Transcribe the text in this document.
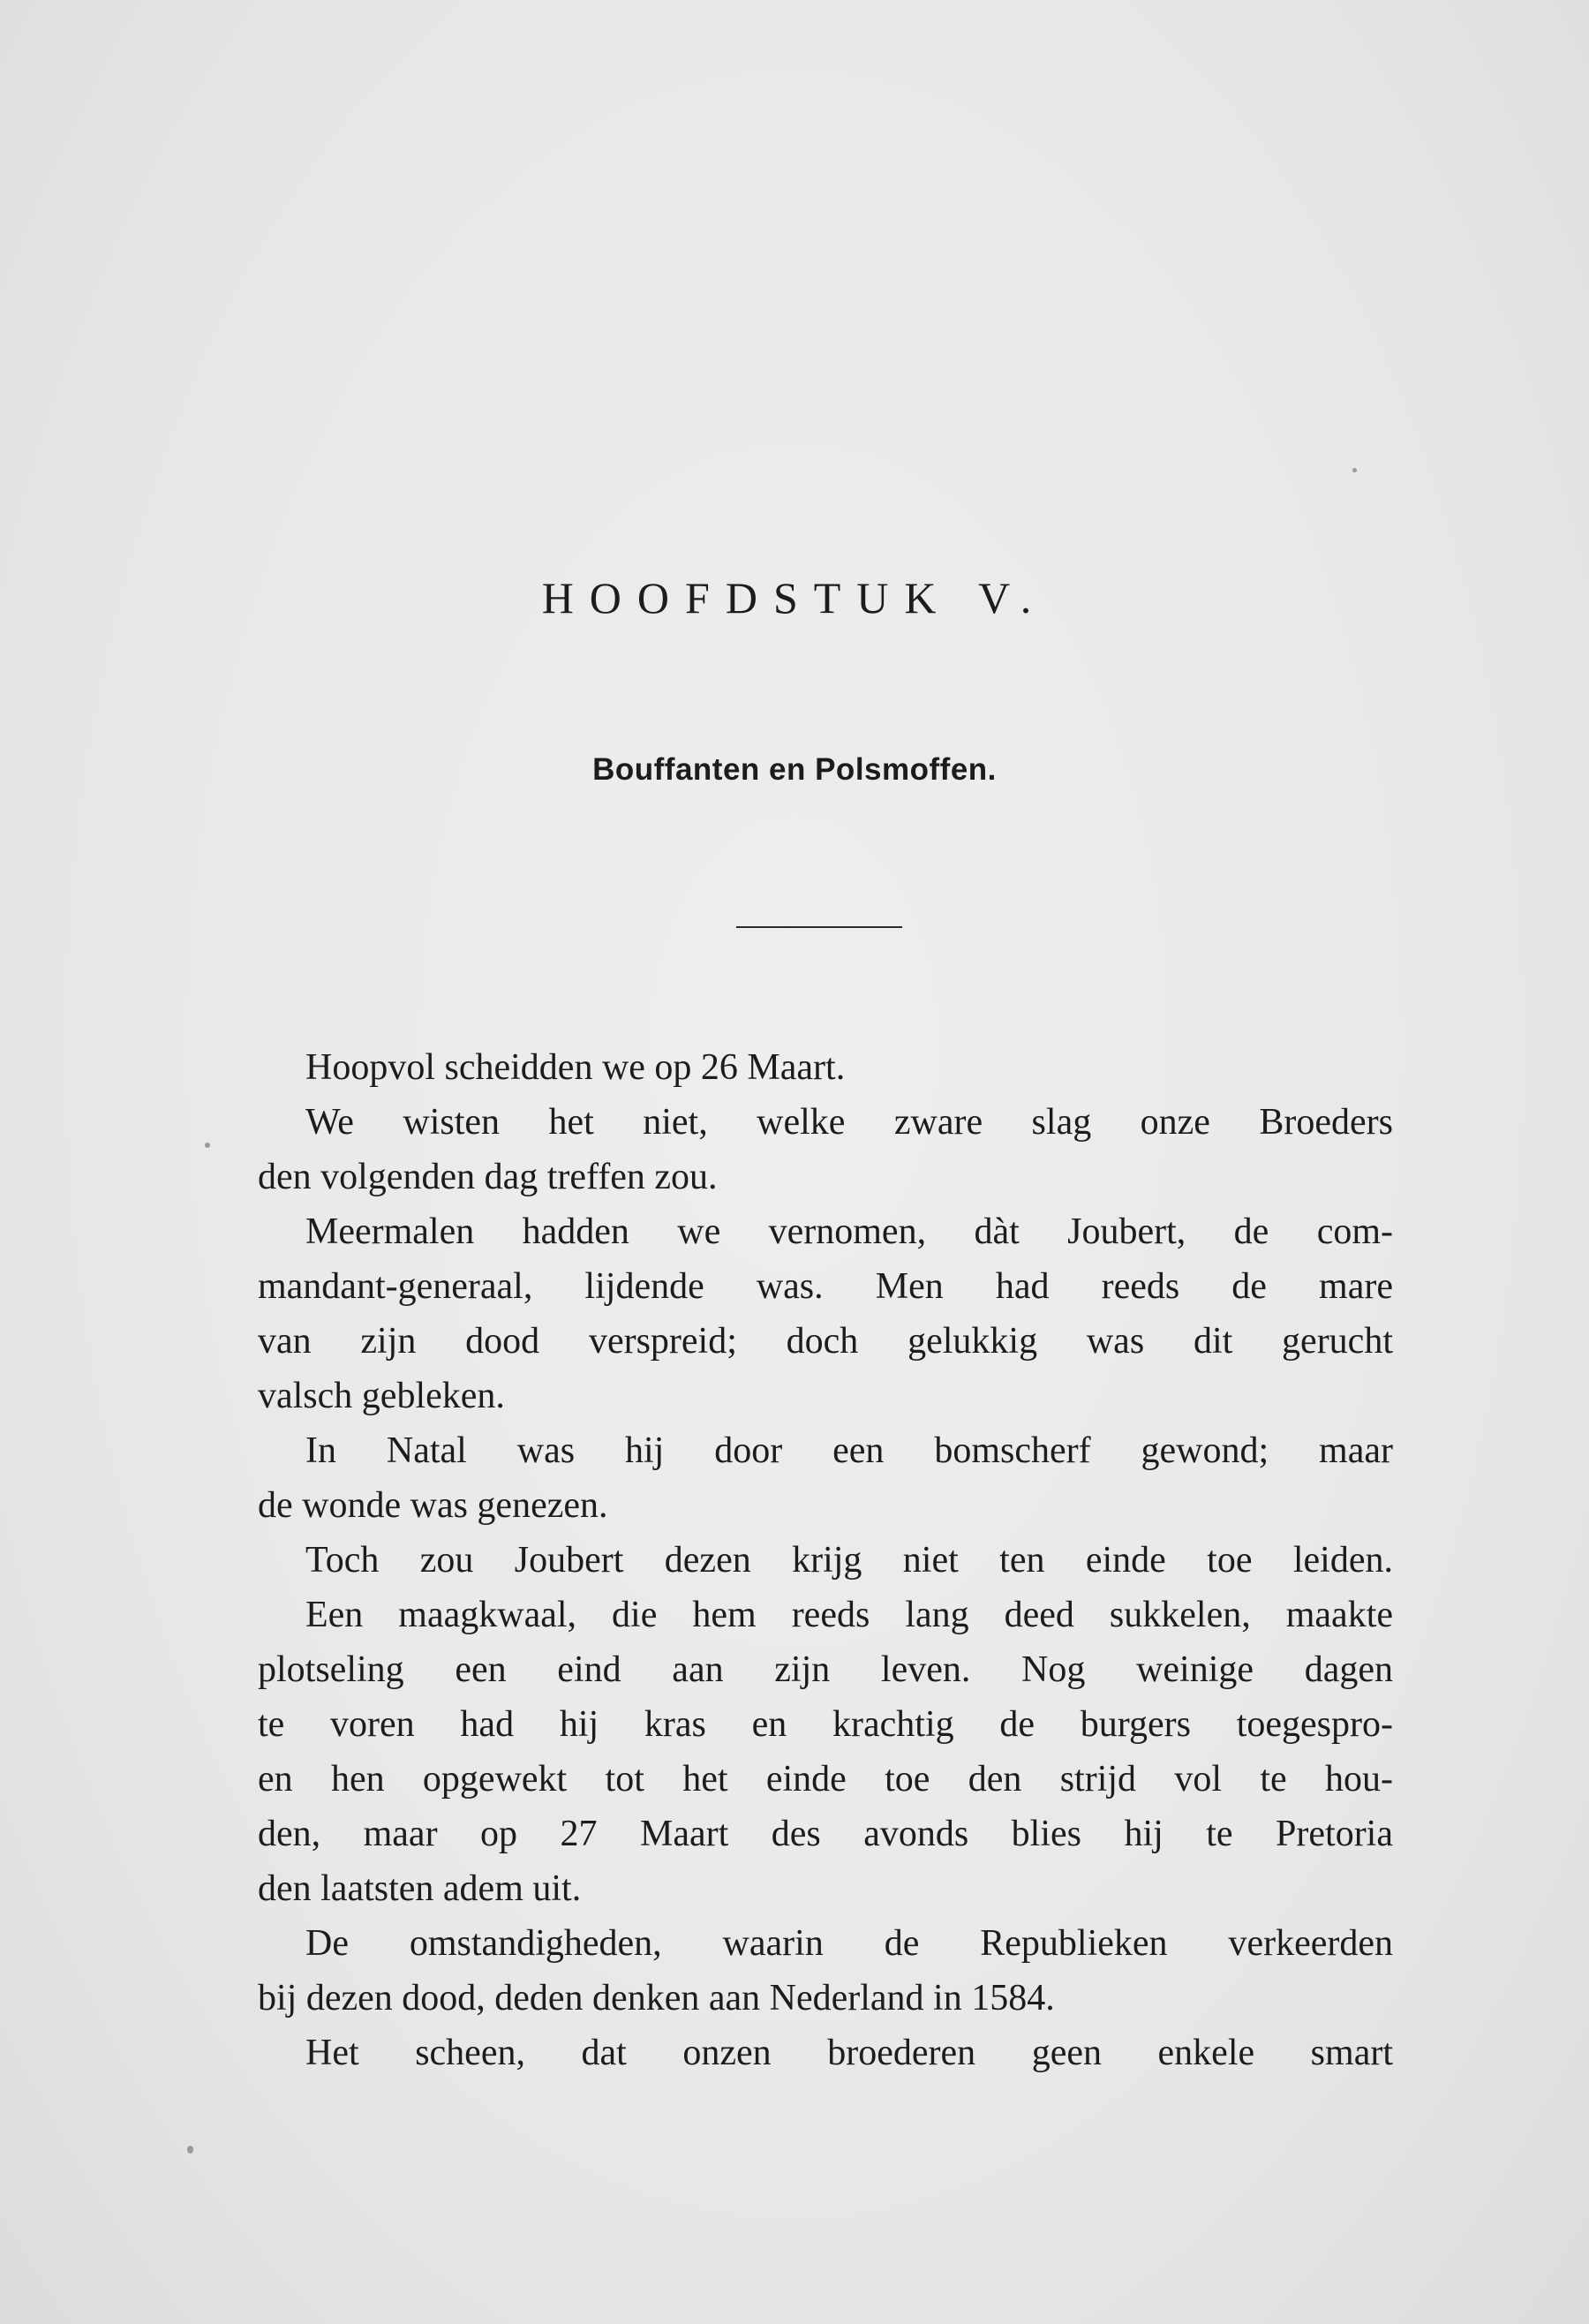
HOOFDSTUK V.
Bouffanten en Polsmoffen.
Hoopvol scheidden we op 26 Maart.
We wisten het niet, welke zware slag onze Broeders
den volgenden dag treffen zou.
Meermalen hadden we vernomen, dàt Joubert, de com-
mandant-generaal, lijdende was. Men had reeds de mare
van zijn dood verspreid; doch gelukkig was dit gerucht
valsch gebleken.
In Natal was hij door een bomscherf gewond; maar
de wonde was genezen.
Toch zou Joubert dezen krijg niet ten einde toe leiden.
Een maagkwaal, die hem reeds lang deed sukkelen, maakte
plotseling een eind aan zijn leven. Nog weinige dagen
te voren had hij kras en krachtig de burgers toegespro-
en hen opgewekt tot het einde toe den strijd vol te hou-
den, maar op 27 Maart des avonds blies hij te Pretoria
den laatsten adem uit.
De omstandigheden, waarin de Republieken verkeerden
bij dezen dood, deden denken aan Nederland in 1584.
Het scheen, dat onzen broederen geen enkele smart
